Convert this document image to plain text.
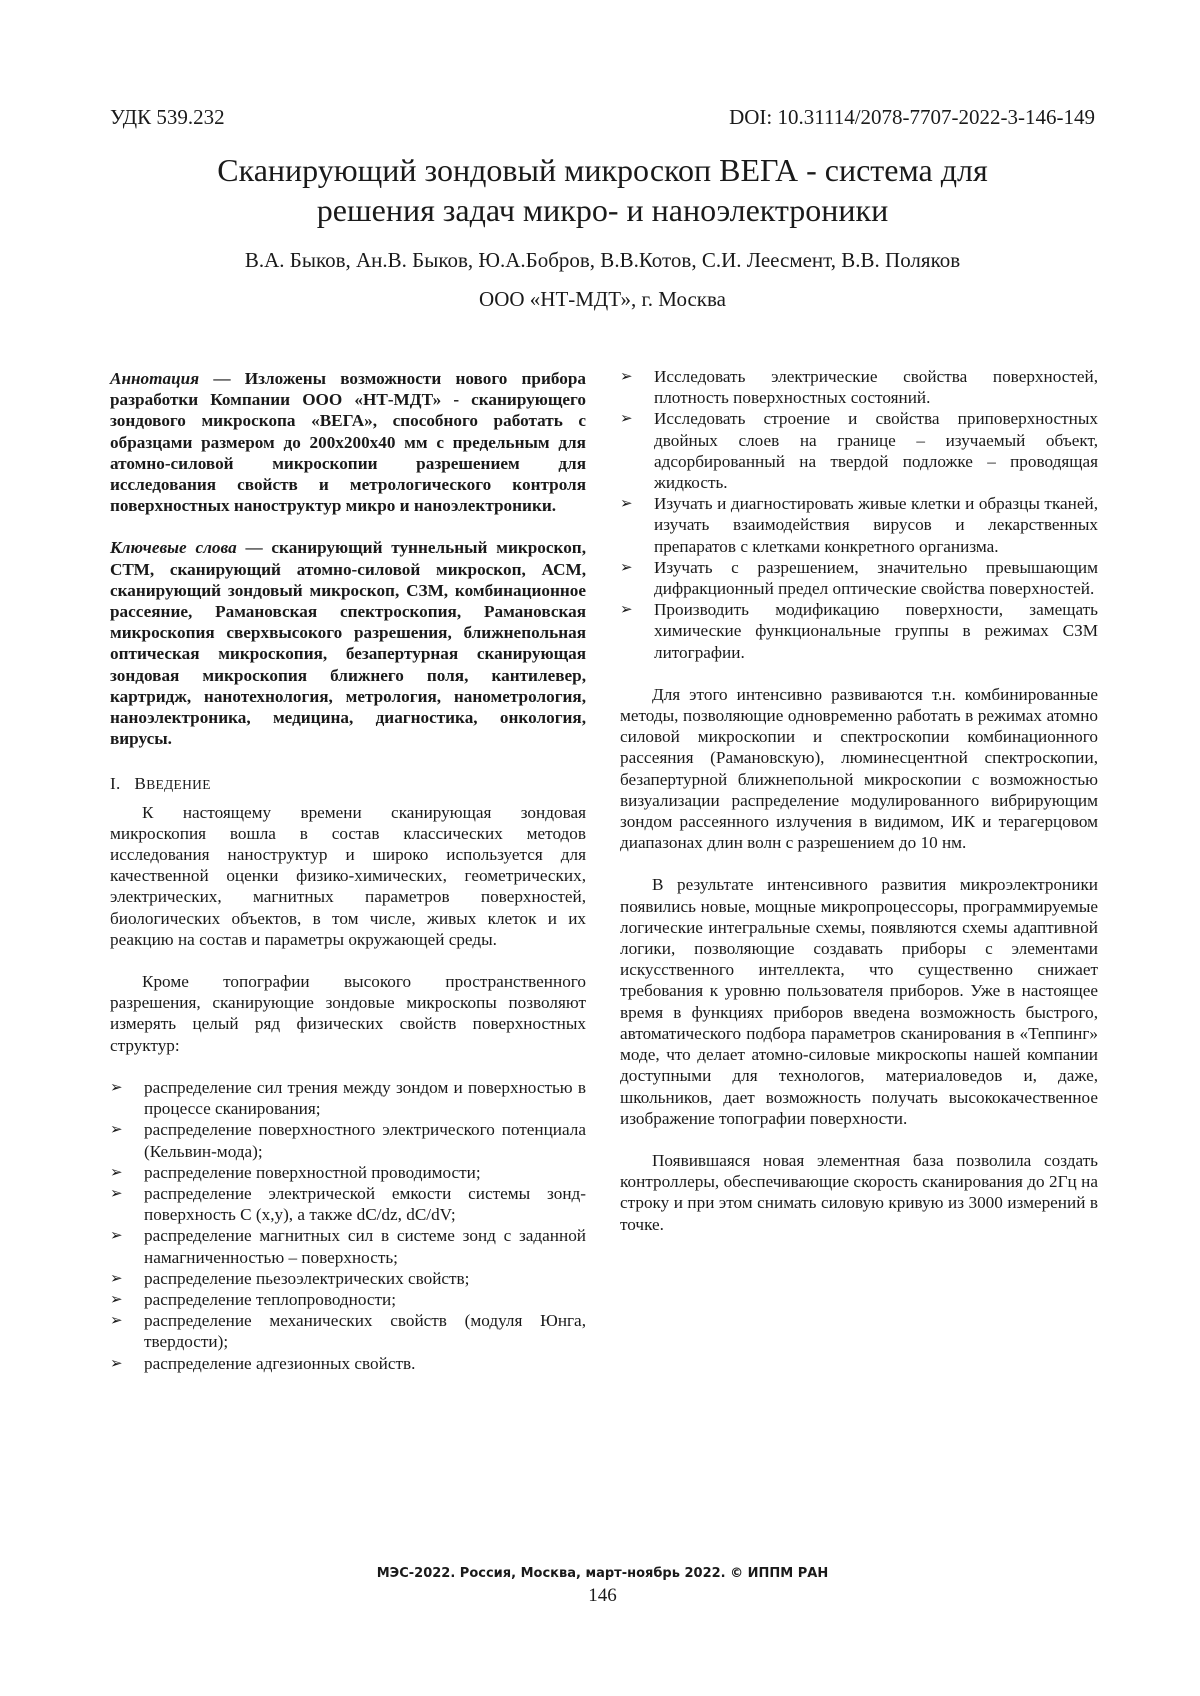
УДК 539.232	DOI: 10.31114/2078-7707-2022-3-146-149
Сканирующий зондовый микроскоп ВЕГА - система для
решения задач микро- и наноэлектроники
В.А. Быков, Ан.В. Быков, Ю.А.Бобров, В.В.Котов, С.И. Леесмент, В.В. Поляков
ООО «НТ-МДТ», г. Москва

Аннотация — Изложены возможности нового прибора разработки Компании ООО «НТ-МДТ» - сканирующего зондового микроскопа «ВЕГА», способного работать с образцами размером до 200x200x40 мм с предельным для атомно-силовой микроскопии разрешением для исследования свойств и метрологического контроля поверхностных наноструктур микро и наноэлектроники.

Ключевые слова — сканирующий туннельный микроскоп, СТМ, сканирующий атомно-силовой микроскоп, АСМ, сканирующий зондовый микроскоп, СЗМ, комбинационное рассеяние, Рамановская спектроскопия, Рамановская микроскопия сверхвысокого разрешения, ближнепольная оптическая микроскопия, безапертурная сканирующая зондовая микроскопия ближнего поля, кантилевер, картридж, нанотехнология, метрология, нанометрология, наноэлектроника, медицина, диагностика, онкология, вирусы.

I. ВВЕДЕНИЕ

К настоящему времени сканирующая зондовая микроскопия вошла в состав классических методов исследования наноструктур и широко используется для качественной оценки физико-химических, геометрических, электрических, магнитных параметров поверхностей, биологических объектов, в том числе, живых клеток и их реакцию на состав и параметры окружающей среды.

Кроме топографии высокого пространственного разрешения, сканирующие зондовые микроскопы позволяют измерять целый ряд физических свойств поверхностных структур:

➢	распределение сил трения между зондом и поверхностью в процессе сканирования;
➢	распределение поверхностного электрического потенциала (Кельвин-мода);
➢	распределение поверхностной проводимости;
➢	распределение электрической емкости системы зонд-поверхность C (x,y), а также dC/dz, dC/dV;
➢	распределение магнитных сил в системе зонд с заданной намагниченностью – поверхность;
➢	распределение пьезоэлектрических свойств;
➢	распределение теплопроводности;
➢	распределение механических свойств (модуля Юнга, твердости);
➢	распределение адгезионных свойств.
➢	Исследовать электрические свойства поверхностей, плотность поверхностных состояний.
➢	Исследовать строение и свойства приповерхностных двойных слоев на границе – изучаемый объект, адсорбированный на твердой подложке – проводящая жидкость.
➢	Изучать и диагностировать живые клетки и образцы тканей, изучать взаимодействия вирусов и лекарственных препаратов с клетками конкретного организма.
➢	Изучать с разрешением, значительно превышающим дифракционный предел оптические свойства поверхностей.
➢	Производить модификацию поверхности, замещать химические функциональные группы в режимах СЗМ литографии.

Для этого интенсивно развиваются т.н. комбинированные методы, позволяющие одновременно работать в режимах атомно силовой микроскопии и спектроскопии комбинационного рассеяния (Рамановскую), люминесцентной спектроскопии, безапертурной ближнепольной микроскопии с возможностью визуализации распределение модулированного вибрирующим зондом рассеянного излучения в видимом, ИК и терагерцовом диапазонах длин волн с разрешением до 10 нм.

В результате интенсивного развития микроэлектроники появились новые, мощные микропроцессоры, программируемые логические интегральные схемы, появляются схемы адаптивной логики, позволяющие создавать приборы с элементами искусственного интеллекта, что существенно снижает требования к уровню пользователя приборов. Уже в настоящее время в функциях приборов введена возможность быстрого, автоматического подбора параметров сканирования в «Теппинг» моде, что делает атомно-силовые микроскопы нашей компании доступными для технологов, материаловедов и, даже, школьников, дает возможность получать высококачественное изображение топографии поверхности.

Появившаяся новая элементная база позволила создать контроллеры, обеспечивающие скорость сканирования до 2Гц на строку и при этом снимать силовую кривую из 3000 измерений в точке.

МЭС-2022. Россия, Москва, март-ноябрь 2022. © ИППМ РАН
146
